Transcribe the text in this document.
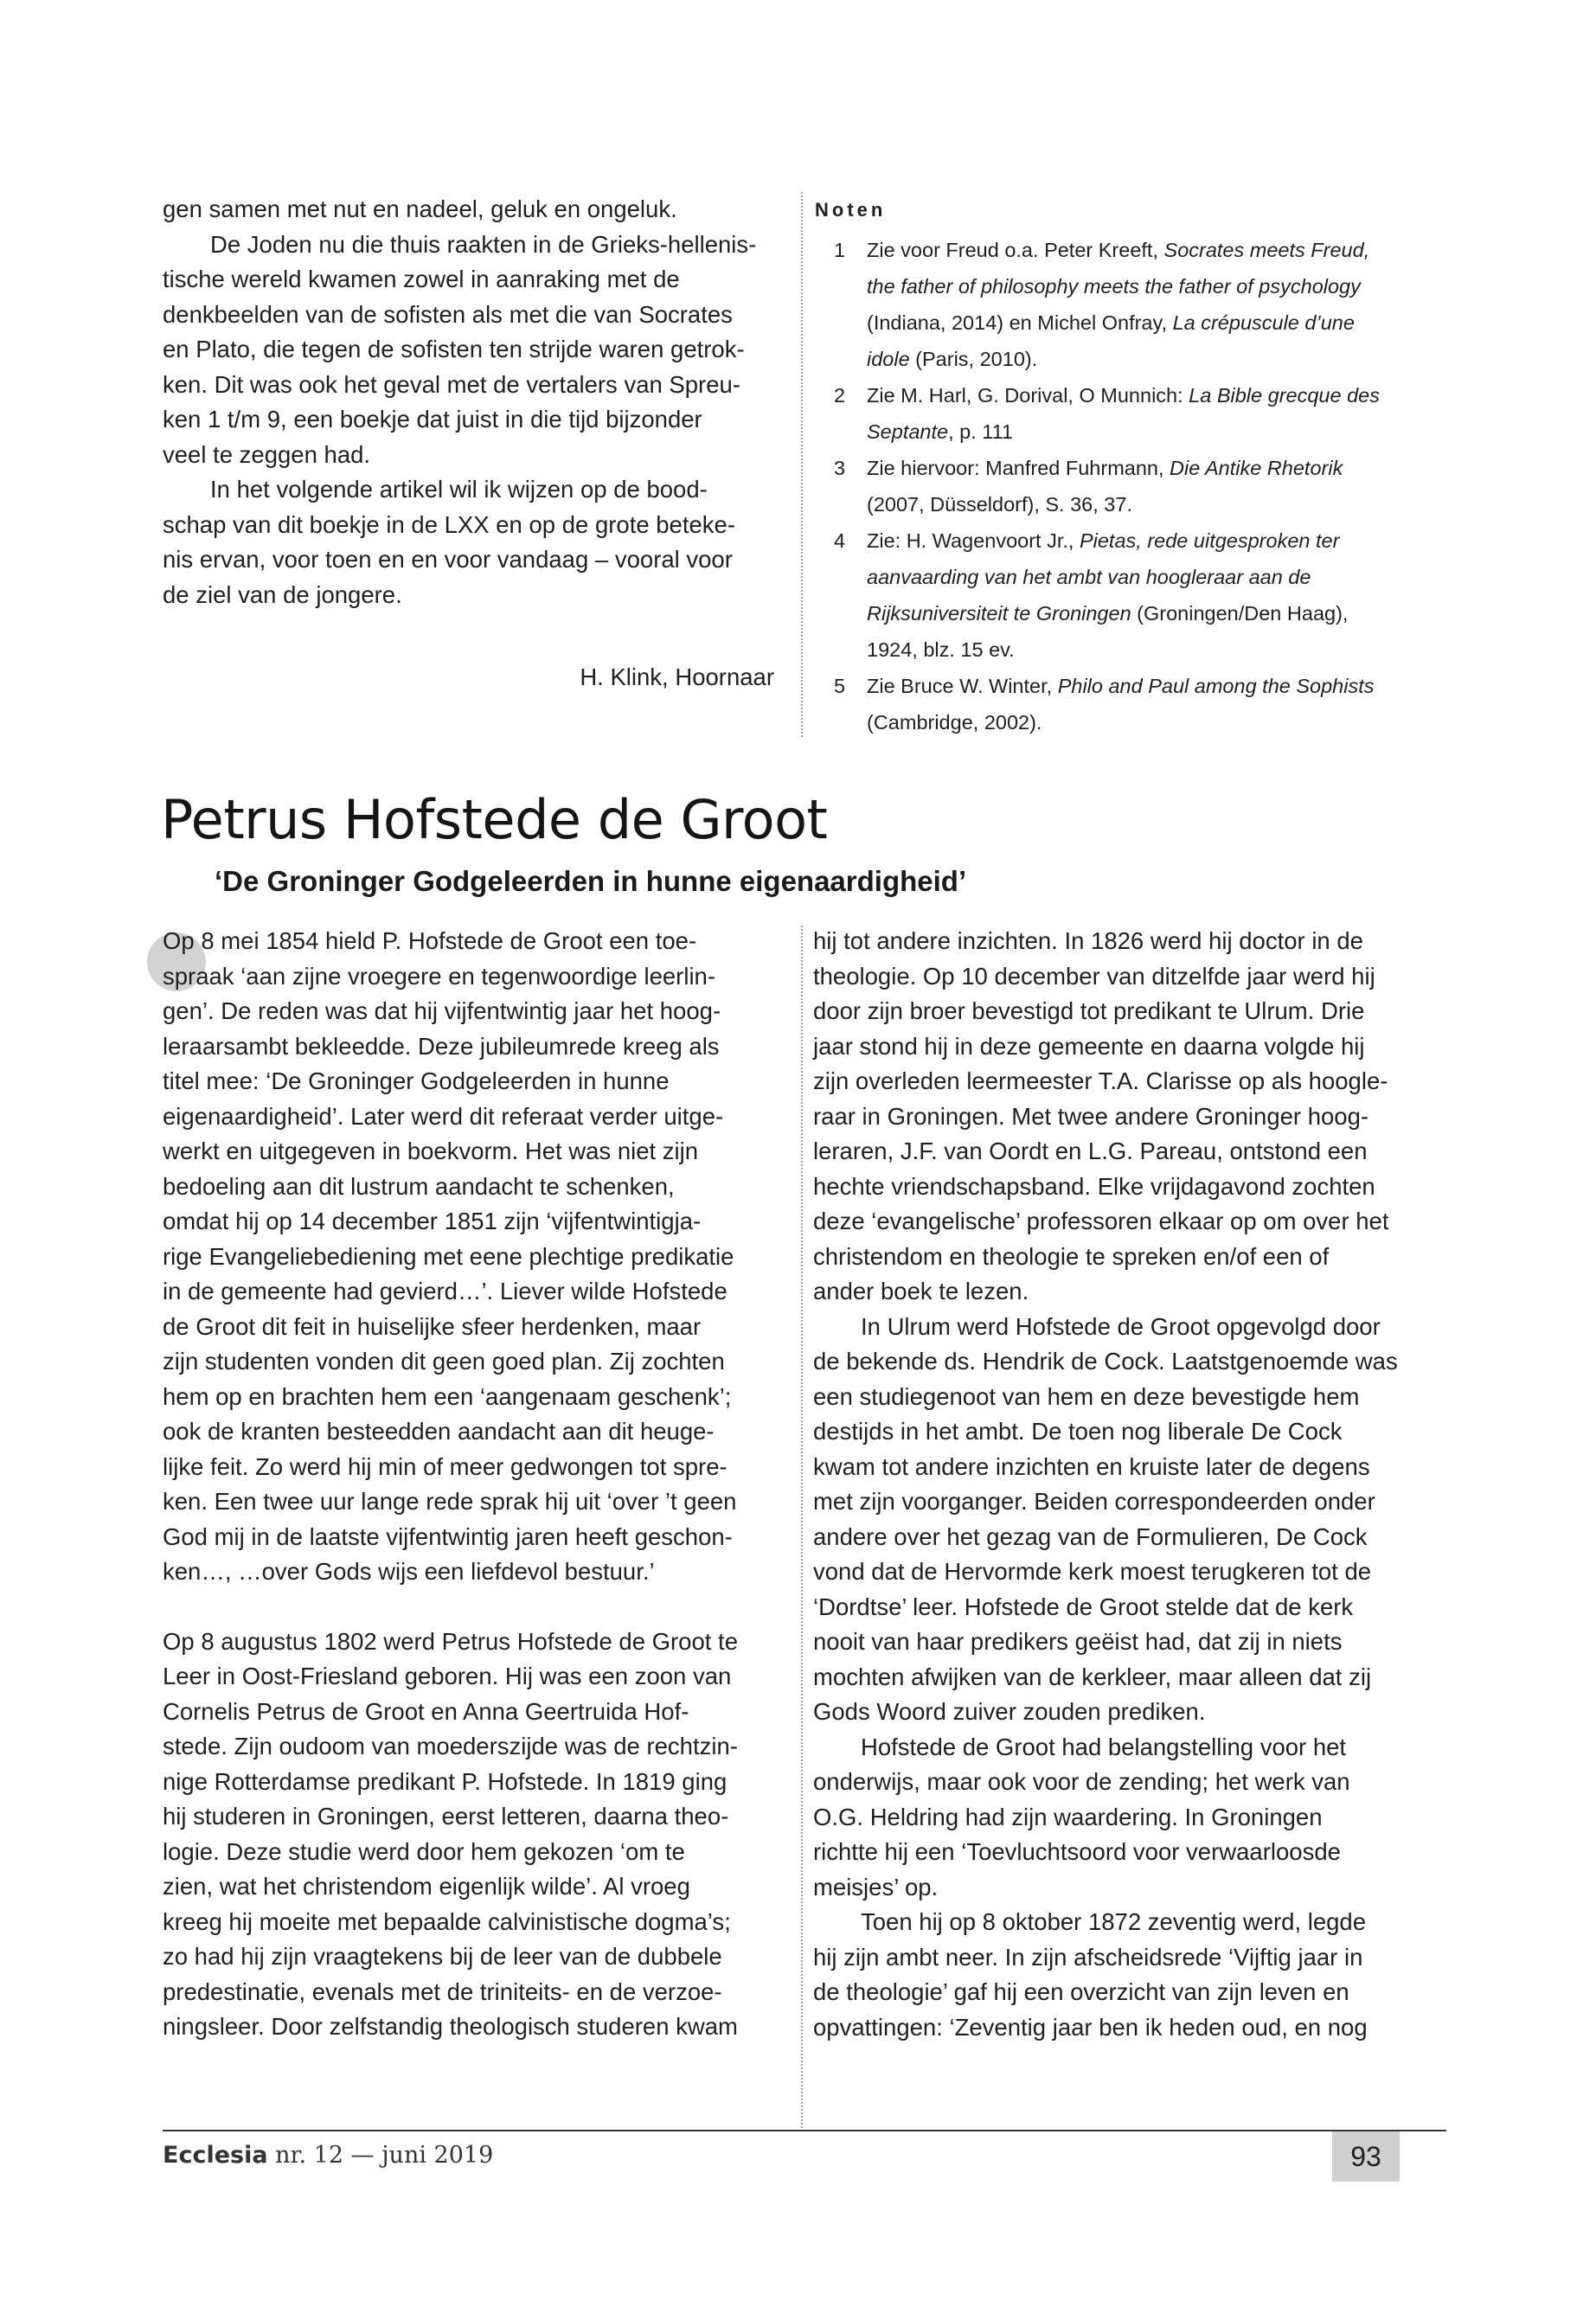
gen samen met nut en nadeel, geluk en ongeluk.
De Joden nu die thuis raakten in de Grieks-hellenis-
tische wereld kwamen zowel in aanraking met de
denkbeelden van de sofisten als met die van Socrates
en Plato, die tegen de sofisten ten strijde waren getrok-
ken. Dit was ook het geval met de vertalers van Spreu-
ken 1 t/m 9, een boekje dat juist in die tijd bijzonder
veel te zeggen had.
In het volgende artikel wil ik wijzen op de bood-
schap van dit boekje in de LXX en op de grote beteke-
nis ervan, voor toen en en voor vandaag – vooral voor
de ziel van de jongere.
H. Klink, Hoornaar
Noten
1 Zie voor Freud o.a. Peter Kreeft, Socrates meets Freud,
the father of philosophy meets the father of psychology
(Indiana, 2014) en Michel Onfray, La crépuscule d’une
idole (Paris, 2010).
2 Zie M. Harl, G. Dorival, O Munnich: La Bible grecque des
Septante, p. 111
3 Zie hiervoor: Manfred Fuhrmann, Die Antike Rhetorik
(2007, Düsseldorf), S. 36, 37.
4 Zie: H. Wagenvoort Jr., Pietas, rede uitgesproken ter
aanvaarding van het ambt van hoogleraar aan de
Rijksuniversiteit te Groningen (Groningen/Den Haag),
1924, blz. 15 ev.
5 Zie Bruce W. Winter, Philo and Paul among the Sophists
(Cambridge, 2002).
Petrus Hofstede de Groot
‘De Groninger Godgeleerden in hunne eigenaardigheid’
Op 8 mei 1854 hield P. Hofstede de Groot een toe-
spraak ‘aan zijne vroegere en tegenwoordige leerlin-
gen’. De reden was dat hij vijfentwintig jaar het hoog-
leraarsambt bekleedde. Deze jubileumrede kreeg als
titel mee: ‘De Groninger Godgeleerden in hunne
eigenaardigheid’. Later werd dit referaat verder uitge-
werkt en uitgegeven in boekvorm. Het was niet zijn
bedoeling aan dit lustrum aandacht te schenken,
omdat hij op 14 december 1851 zijn ‘vijfentwintigja-
rige Evangeliebediening met eene plechtige predikatie
in de gemeente had gevierd…’. Liever wilde Hofstede
de Groot dit feit in huiselijke sfeer herdenken, maar
zijn studenten vonden dit geen goed plan. Zij zochten
hem op en brachten hem een ‘aangenaam geschenk’;
ook de kranten besteedden aandacht aan dit heuge-
lijke feit. Zo werd hij min of meer gedwongen tot spre-
ken. Een twee uur lange rede sprak hij uit ‘over ’t geen
God mij in de laatste vijfentwintig jaren heeft geschon-
ken…, …over Gods wijs een liefdevol bestuur.’

Op 8 augustus 1802 werd Petrus Hofstede de Groot te
Leer in Oost-Friesland geboren. Hij was een zoon van
Cornelis Petrus de Groot en Anna Geertruida Hof-
stede. Zijn oudoom van moederszijde was de rechtzin-
nige Rotterdamse predikant P. Hofstede. In 1819 ging
hij studeren in Groningen, eerst letteren, daarna theo-
logie. Deze studie werd door hem gekozen ‘om te
zien, wat het christendom eigenlijk wilde’. Al vroeg
kreeg hij moeite met bepaalde calvinistische dogma’s;
zo had hij zijn vraagtekens bij de leer van de dubbele
predestinatie, evenals met de triniteits- en de verzoe-
ningsleer. Door zelfstandig theologisch studeren kwam
hij tot andere inzichten. In 1826 werd hij doctor in de
theologie. Op 10 december van ditzelfde jaar werd hij
door zijn broer bevestigd tot predikant te Ulrum. Drie
jaar stond hij in deze gemeente en daarna volgde hij
zijn overleden leermeester T.A. Clarisse op als hoogle-
raar in Groningen. Met twee andere Groninger hoog-
leraren, J.F. van Oordt en L.G. Pareau, ontstond een
hechte vriendschapsband. Elke vrijdagavond zochten
deze ‘evangelische’ professoren elkaar op om over het
christendom en theologie te spreken en/of een of
ander boek te lezen.
In Ulrum werd Hofstede de Groot opgevolgd door
de bekende ds. Hendrik de Cock. Laatstgenoemde was
een studiegenoot van hem en deze bevestigde hem
destijds in het ambt. De toen nog liberale De Cock
kwam tot andere inzichten en kruiste later de degens
met zijn voorganger. Beiden correspondeerden onder
andere over het gezag van de Formulieren, De Cock
vond dat de Hervormde kerk moest terugkeren tot de
‘Dordtse’ leer. Hofstede de Groot stelde dat de kerk
nooit van haar predikers geëist had, dat zij in niets
mochten afwijken van de kerkleer, maar alleen dat zij
Gods Woord zuiver zouden prediken.
Hofstede de Groot had belangstelling voor het
onderwijs, maar ook voor de zending; het werk van
O.G. Heldring had zijn waardering. In Groningen
richtte hij een ‘Toevluchtsoord voor verwaarloosde
meisjes’ op.
Toen hij op 8 oktober 1872 zeventig werd, legde
hij zijn ambt neer. In zijn afscheidsrede ‘Vijftig jaar in
de theologie’ gaf hij een overzicht van zijn leven en
opvattingen: ‘Zeventig jaar ben ik heden oud, en nog
Ecclesia nr. 12 — juni 2019	93
